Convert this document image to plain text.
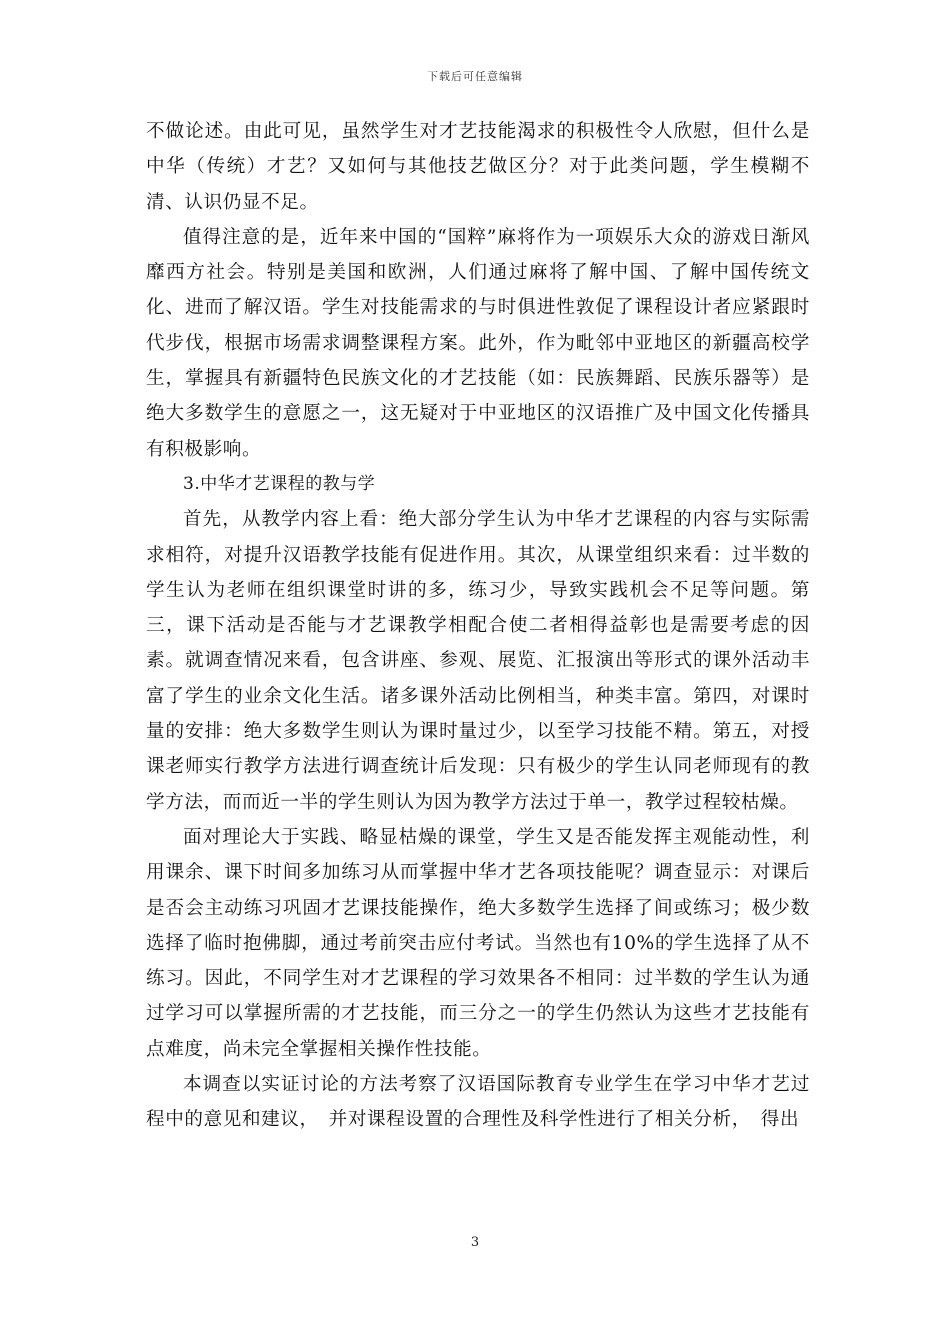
下载后可任意编辑

不做论述。由此可见，虽然学生对才艺技能渴求的积极性令人欣慰，但什么是中华（传统）才艺？又如何与其他技艺做区分？对于此类问题，学生模糊不清、认识仍显不足。

值得注意的是，近年来中国的“国粹”麻将作为一项娱乐大众的游戏日渐风靡西方社会。特别是美国和欧洲，人们通过麻将了解中国、了解中国传统文化、进而了解汉语。学生对技能需求的与时俱进性敦促了课程设计者应紧跟时代步伐，根据市场需求调整课程方案。此外，作为毗邻中亚地区的新疆高校学生，掌握具有新疆特色民族文化的才艺技能（如：民族舞蹈、民族乐器等）是绝大多数学生的意愿之一，这无疑对于中亚地区的汉语推广及中国文化传播具有积极影响。

3.中华才艺课程的教与学

首先，从教学内容上看：绝大部分学生认为中华才艺课程的内容与实际需求相符，对提升汉语教学技能有促进作用。其次，从课堂组织来看：过半数的学生认为老师在组织课堂时讲的多，练习少，导致实践机会不足等问题。第三，课下活动是否能与才艺课教学相配合使二者相得益彰也是需要考虑的因素。就调查情况来看，包含讲座、参观、展览、汇报演出等形式的课外活动丰富了学生的业余文化生活。诸多课外活动比例相当，种类丰富。第四，对课时量的安排：绝大多数学生则认为课时量过少，以至学习技能不精。第五，对授课老师实行教学方法进行调查统计后发现：只有极少的学生认同老师现有的教学方法，而而近一半的学生则认为因为教学方法过于单一，教学过程较枯燥。

面对理论大于实践、略显枯燥的课堂，学生又是否能发挥主观能动性，利用课余、课下时间多加练习从而掌握中华才艺各项技能呢？调查显示：对课后是否会主动练习巩固才艺课技能操作，绝大多数学生选择了间或练习；极少数选择了临时抱佛脚，通过考前突击应付考试。当然也有10%的学生选择了从不练习。因此，不同学生对才艺课程的学习效果各不相同：过半数的学生认为通过学习可以掌握所需的才艺技能，而三分之一的学生仍然认为这些才艺技能有点难度，尚未完全掌握相关操作性技能。

本调查以实证讨论的方法考察了汉语国际教育专业学生在学习中华才艺过程中的意见和建议，　并对课程设置的合理性及科学性进行了相关分析，　得出

3
